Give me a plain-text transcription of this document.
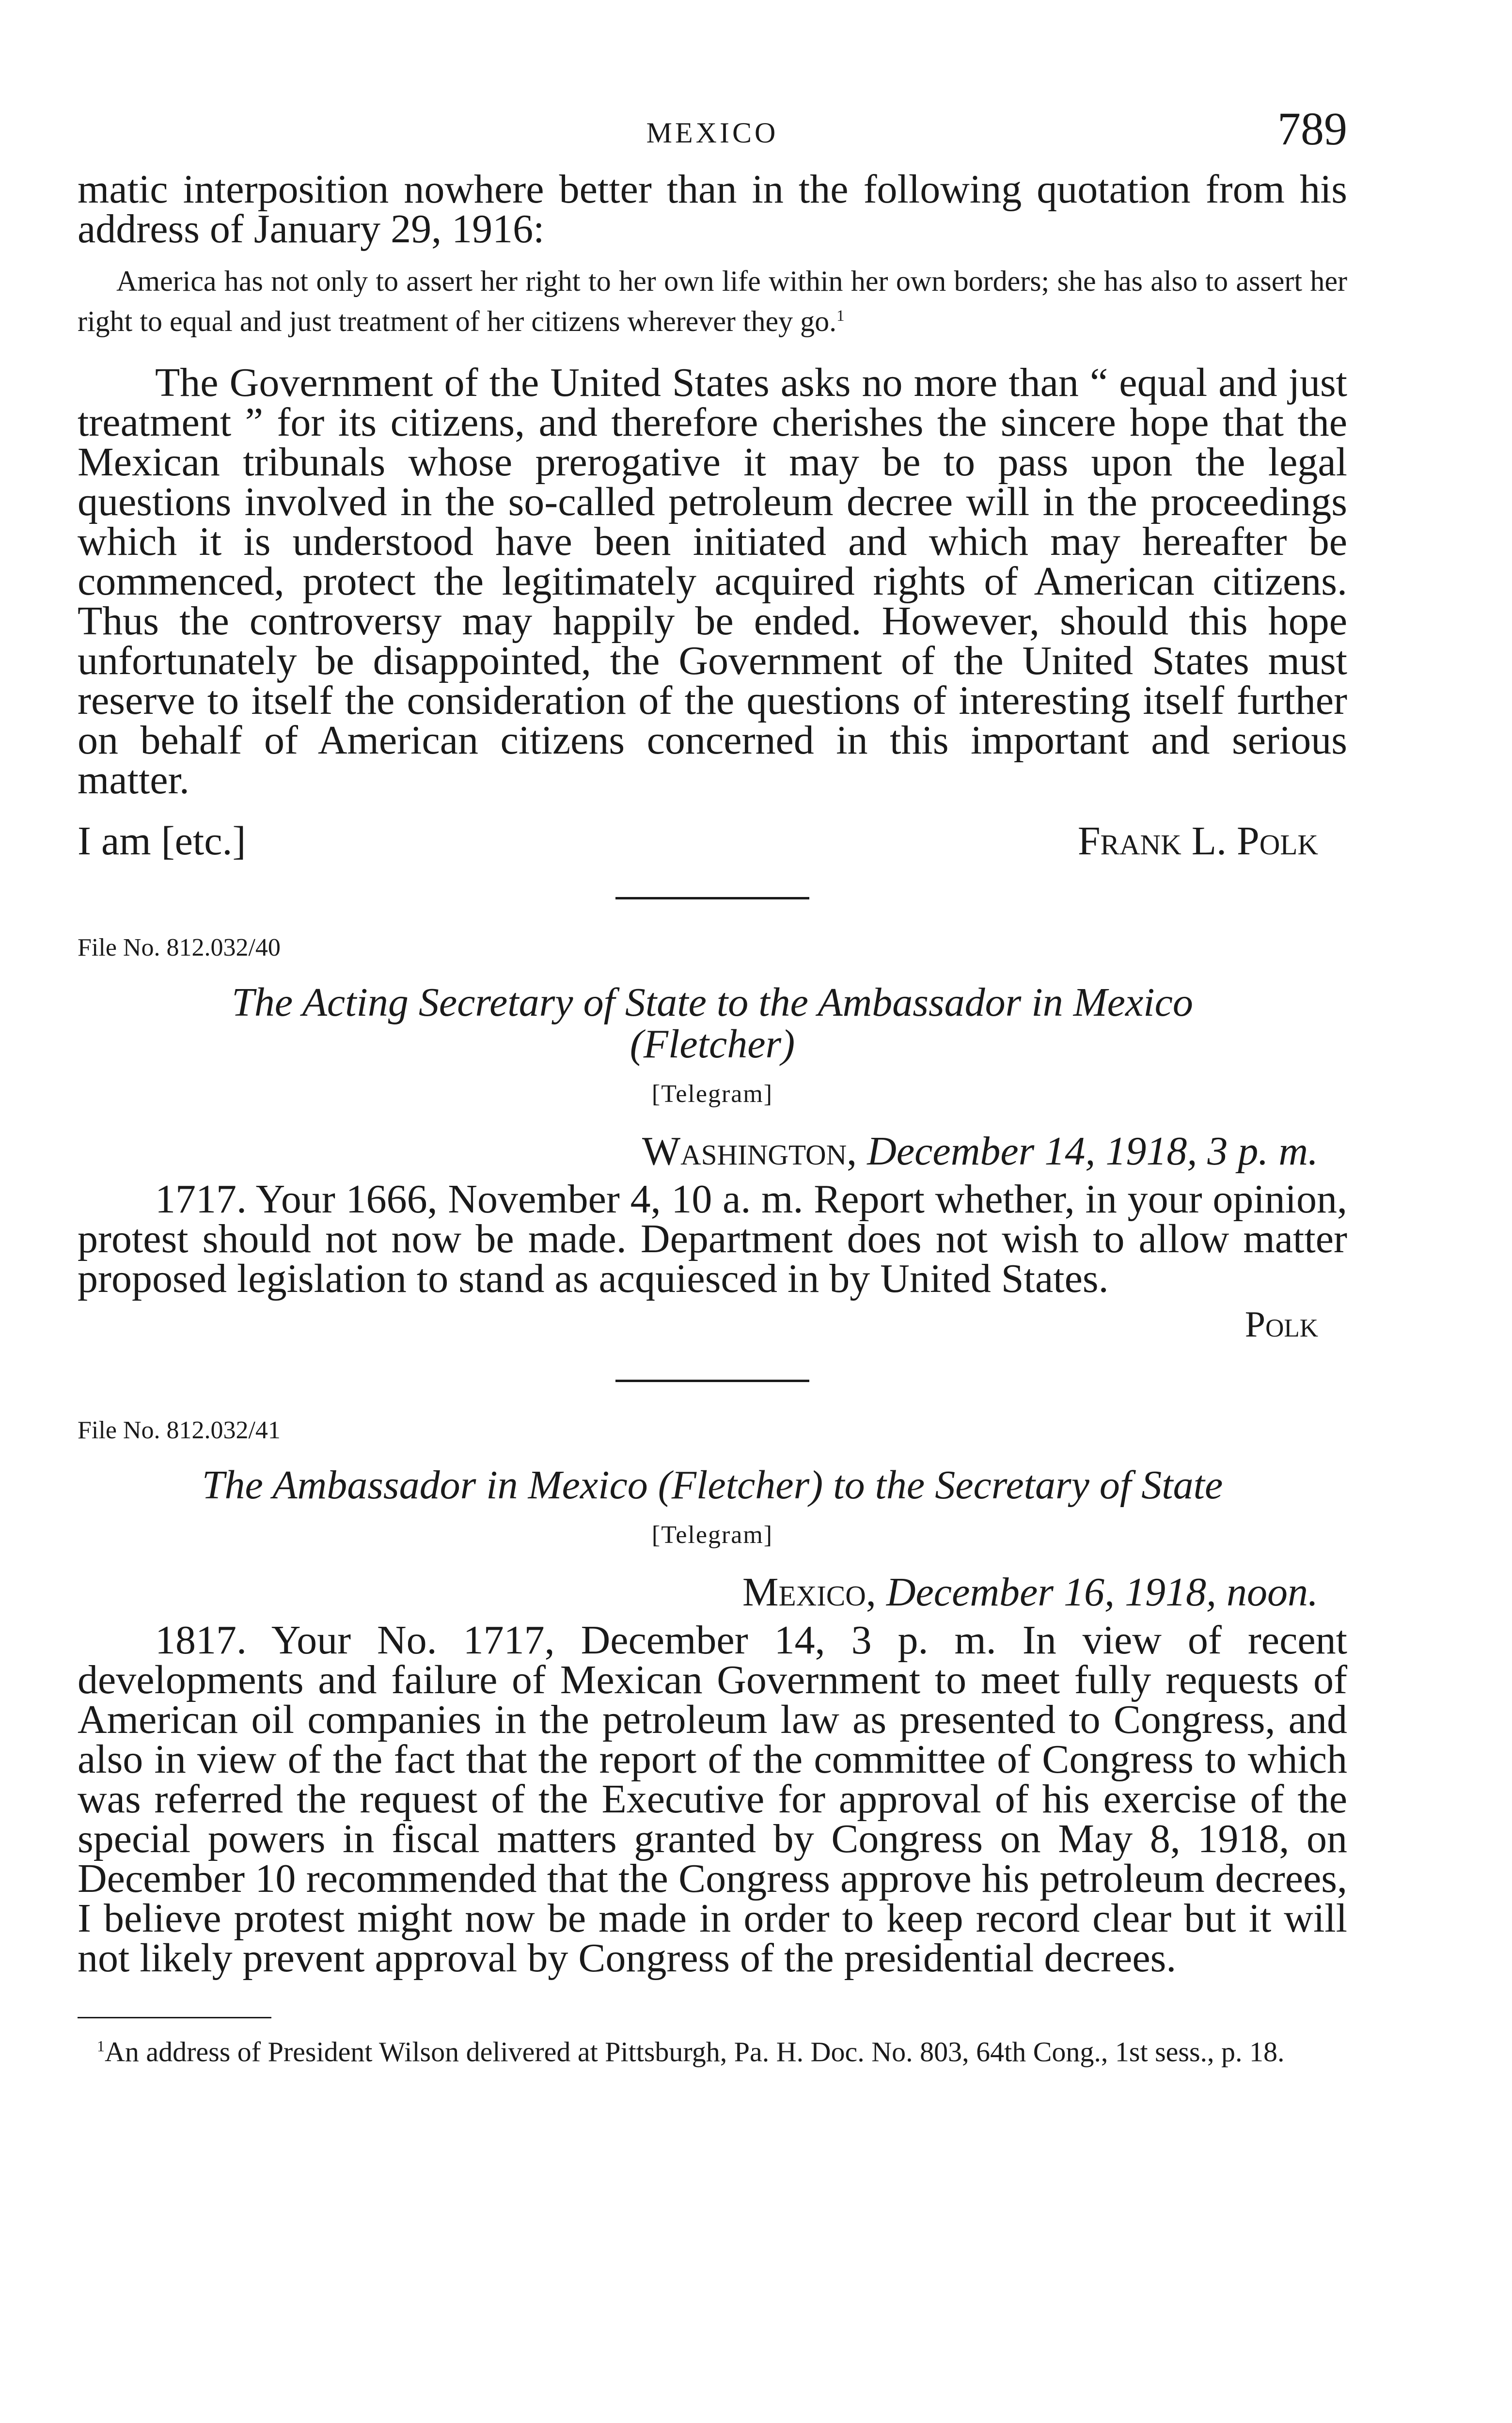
MEXICO	789

matic interposition nowhere better than in the following quotation from his address of January 29, 1916:

America has not only to assert her right to her own life within her own borders; she has also to assert her right to equal and just treatment of her citizens wherever they go.$^1$

The Government of the United States asks no more than “ equal and just treatment ” for its citizens, and therefore cherishes the sincere hope that the Mexican tribunals whose prerogative it may be to pass upon the legal questions involved in the so-called petroleum decree will in the proceedings which it is understood have been initiated and which may hereafter be commenced, protect the legitimately acquired rights of American citizens. Thus the controversy may happily be ended. However, should this hope unfortunately be disappointed, the Government of the United States must reserve to itself the consideration of the questions of interesting itself further on behalf of American citizens concerned in this important and serious matter.

I am [etc.]	Frank L. Polk
File No. 812.032/40
The Acting Secretary of State to the Ambassador in Mexico
(Fletcher)
[Telegram]
Washington, December 14, 1918, 3 p. m.

1717. Your 1666, November 4, 10 a. m. Report whether, in your opinion, protest should not now be made. Department does not wish to allow matter proposed legislation to stand as acquiesced in by United States.

Polk
File No. 812.032/41
The Ambassador in Mexico (Fletcher) to the Secretary of State
[Telegram]
Mexico, December 16, 1918, noon.

1817. Your No. 1717, December 14, 3 p. m. In view of recent developments and failure of Mexican Government to meet fully requests of American oil companies in the petroleum law as presented to Congress, and also in view of the fact that the report of the committee of Congress to which was referred the request of the Executive for approval of his exercise of the special powers in fiscal matters granted by Congress on May 8, 1918, on December 10 recommended that the Congress approve his petroleum decrees, I believe protest might now be made in order to keep record clear but it will not likely prevent approval by Congress of the presidential decrees.

$^1$An address of President Wilson delivered at Pittsburgh, Pa. H. Doc. No. 803, 64th Cong., 1st sess., p. 18.
